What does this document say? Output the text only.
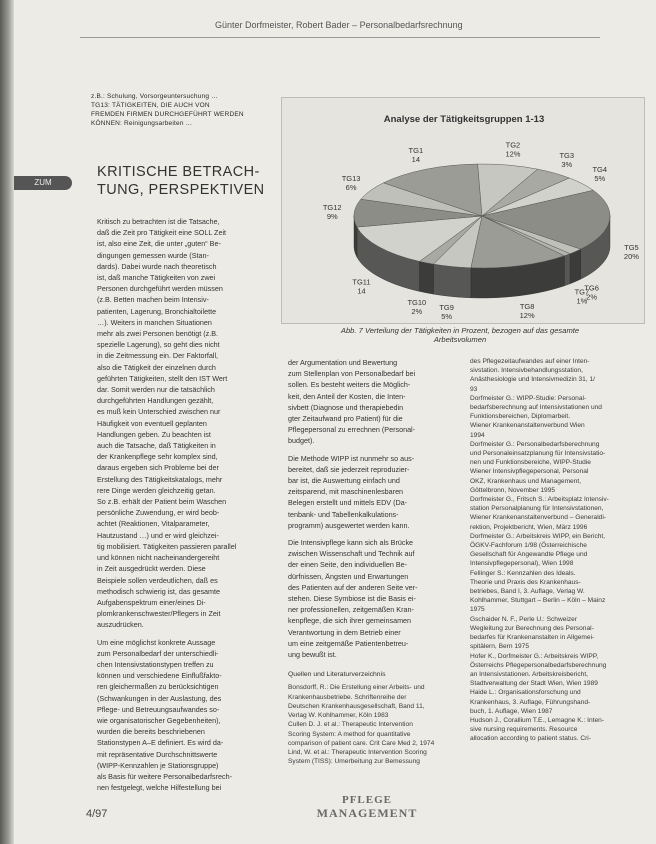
Günter Dorfmeister, Robert Bader – Personalbedarfsrechnung
z.B.: Schulung, Vorsorgeuntersuchung …
TG13: TÄTIGKEITEN, DIE AUCH VON
FREMDEN FIRMEN DURCHGEFÜHRT WERDEN
KÖNNEN: Reinigungsarbeiten …
ZUM
KRITISCHE BETRACH-
TUNG, PERSPEKTIVEN
Kritisch zu betrachten ist die Tatsache,
daß die Zeit pro Tätigkeit eine SOLL Zeit
ist, also eine Zeit, die unter „guten“ Be-
dingungen gemessen wurde (Stan-
dards). Dabei wurde nach theoretisch
ist, daß manche Tätigkeiten von zwei
Personen durchgeführt werden müssen
(z.B. Betten machen beim Intensiv-
patienten, Lagerung, Bronchialtoilette
…). Weiters in manchen Situationen
mehr als zwei Personen benötigt (z.B.
spezielle Lagerung), so geht dies nicht
in die Zeitmessung ein. Der Faktorfall,
also die Tätigkeit der einzelnen durch
geführten Tätigkeiten, stellt den IST Wert
dar. Somit werden nur die tatsächlich
durchgeführten Handlungen gezählt,
es muß kein Unterschied zwischen nur
Häufigkeit von eventuell geplanten
Handlungen geben. Zu beachten ist
auch die Tatsache, daß Tätigkeiten in
der Krankenpflege sehr komplex sind,
daraus ergeben sich Probleme bei der
Erstellung des Tätigkeitskatalogs, mehr
rere Dinge werden gleichzeitig getan.
So z.B. erhält der Patient beim Waschen
persönliche Zuwendung, er wird beob-
achtet (Reaktionen, Vitalparameter,
Hautzustand …) und er wird gleichzei-
tig mobilisiert. Tätigkeiten passieren parallel
und können nicht nacheinandergereiht
in Zeit ausgedrückt werden. Diese
Beispiele sollen verdeutlichen, daß es
methodisch schwierig ist, das gesamte
Aufgabenspektrum einer/eines Di-
plomkrankenschwester/Pflegers in Zeit
auszudrücken.
Um eine möglichst konkrete Aussage
zum Personalbedarf der unterschiedli-
chen Intensivstationstypen treffen zu
können und verschiedene Einflußfakto-
ren gleichermaßen zu berücksichtigen
(Schwankungen in der Auslastung, des
Pflege- und Betreuungsaufwandes so-
wie organisatorischer Gegebenheiten),
wurden die bereits beschriebenen
Stationstypen A–E definiert. Es wird da-
mit repräsentative Durchschnittswerte
(WIPP-Kennzahlen je Stationsgruppe)
als Basis für weitere Personalbedarfsrech-
nen festgelegt, welche Hilfestellung bei
Analyse der Tätigkeitsgruppen 1-13
TG1
14
TG2
12%	TG3
3%
TG4
5%
TG5
20%
TG6
2%
TG7
1%
TG8
12%
TG9
5%
TG10
2%
TG11
14
TG12
9%
TG13
6%
Abb. 7 Verteilung der Tätigkeiten in Prozent, bezogen auf das gesamte
Arbeitsvolumen
der Argumentation und Bewertung
zum Stellenplan von Personalbedarf bei
sollen. Es besteht weiters die Möglich-
keit, den Anteil der Kosten, die Inten-
sivbett (Diagnose und therapiebedin
gter Zeitaufwand pro Patient) für die
Pflegepersonal zu errechnen (Personal-
budget).
Die Methode WIPP ist nunmehr so aus-
bereitet, daß sie jederzeit reproduzier-
bar ist, die Auswertung einfach und
zeitsparend, mit maschinenlesbaren
Belegen erstellt und mittels EDV (Da-
tenbank- und Tabellenkalkulations-
programm) ausgewertet werden kann.
Die Intensivpflege kann sich als Brücke
zwischen Wissenschaft und Technik auf
der einen Seite, den individuellen Be-
dürfnissen, Ängsten und Erwartungen
des Patienten auf der anderen Seite ver-
stehen. Diese Symbiose ist die Basis ei-
ner professionellen, zeitgemäßen Kran-
kenpflege, die sich ihrer gemeinsamen
Verantwortung in dem Betrieb einer
um eine zeitgemäße Patientenbetreu-
ung bewußt ist.
Quellen und Literaturverzeichnis
Bonsdorff, R.: Die Erstellung einer Arbeits- und
Krankenhausbetriebe. Schriftenreihe der
Deutschen Krankenhausgesellschaft, Band 11,
Verlag W. Kohlhammer, Köln 1983
Cullen D. J. et al.: Therapeutic Intervention
Scoring System: A method for quantitative
comparison of patient care. Crit Care Med 2, 1974
Lind, W. et al.: Therapeutic Intervention Scoring
System (TISS): Umerbeitung zur Bemessung
des Pflegezeitaufwandes auf einer Inten-
sivstation. Intensivbehandlungsstation,
Anästhesiologie und Intensivmedizin 31, 1/
93
Dorfmeister G.: WIPP-Studie: Personal-
bedarfsberechnung auf Intensivstationen und
Funktionsbereichen, Diplomarbeit.
Wiener Krankenanstaltenverbund Wien
1994
Dorfmeister G.: Personalbedarfsberechnung
und Personaleinsatzplanung für Intensivstatio-
nen und Funktionsbereiche, WIPP-Studie
Wiener Intensivpflegepersonal, Personal
OKZ, Krankenhaus und Management,
Göttelbronn, November 1995
Dorfmeister G., Fritsch S.: Arbeitsplatz Intensiv-
station Personalplanung für Intensivstationen,
Wiener Krankenanstaltenverbund – Generaldi-
rektion, Projektbericht, Wien, März 1996
Dorfmeister G.: Arbeitskreis WIPP, ein Bericht,
ÖGKV-Fachforum 1/98 (Österreichische
Gesellschaft für Angewandte Pflege und
Intensivpflegepersonal), Wien 1998
Fellinger S.: Kennzahlen des Ideals.
Theorie und Praxis des Krankenhaus-
betriebes, Band I, 3. Auflage, Verlag W.
Kohlhammer, Stuttgart – Berlin – Köln – Mainz
1975
Gschaider N. F., Perle U.: Schweizer
Wegleitung zur Berechnung des Personal-
bedarfes für Krankenanstalten in Allgemei-
spitälern, Bern 1975
Hofer K., Dorfmeister G.: Arbeitskreis WIPP,
Österreichs Pflegepersonalbedarfsberechnung
an Intensivstationen. Arbeitskreisbericht,
Stadtverwaltung der Stadt Wien, Wien 1989
Haide L.: Organisationsforschung und
Krankenhaus, 3. Auflage, Führungshand-
buch, 1. Auflage, Wien 1987
Hudson J., Corallium T.E., Lemagne K.: Inten-
sive nursing requirements. Resource
allocation according to patient status. Cri-
4/97
PFLEGE
MANAGEMENT
